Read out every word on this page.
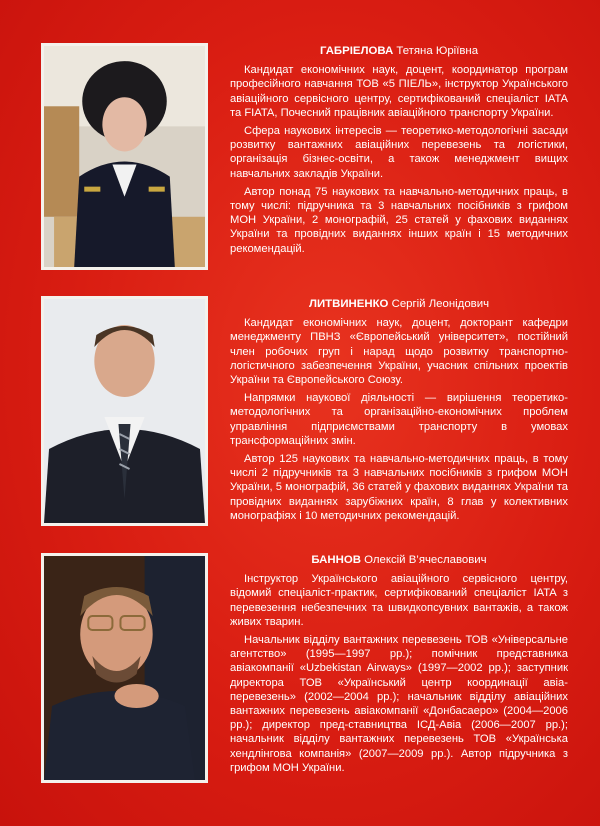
ГАБРІЕЛОВА Тетяна Юріївна

Кандидат економічних наук, доцент, координатор програм професійного навчання ТОВ «5 ПІЕЛЬ», інструктор Українського авіаційного сервісного центру, сертифікований спеціаліст IATA та FIATA, Почесний працівник авіаційного транспорту України.

Сфера наукових інтересів — теоретико-методологічні засади розвитку вантажних авіаційних перевезень та логістики, організація бізнес-освіти, а також менеджмент вищих навчальних закладів України.

Автор понад 75 наукових та навчально-методичних праць, в тому числі: підручника та 3 навчальних посібників з грифом МОН України, 2 монографій, 25 статей у фахових виданнях України та провідних виданнях інших країн і 15 методичних рекомендацій.

ЛИТВИНЕНКО Сергій Леонідович

Кандидат економічних наук, доцент, докторант кафедри менеджменту ПВНЗ «Європейський університет», постійний член робочих груп і нарад щодо розвитку транспортно-логістичного забезпечення України, учасник спільних проектів України та Європейського Союзу.

Напрямки наукової діяльності — вирішення теоретико-методологічних та організаційно-економічних проблем управління підприємствами транспорту в умовах трансформаційних змін.

Автор 125 наукових та навчально-методичних праць, в тому числі 2 підручників та 3 навчальних посібників з грифом МОН України, 5 монографій, 36 статей у фахових виданнях України та провідних виданнях зарубіжних країн, 8 глав у колективних монографіях і 10 методичних рекомендацій.

БАННОВ Олексій В’ячеславович

Інструктор Українського авіаційного сервісного центру, відомий спеціаліст-практик, сертифікований спеціаліст IATA з перевезення небезпечних та швидкопсувних вантажів, а також живих тварин.

Начальник відділу вантажних перевезень ТОВ «Універсальне агентство» (1995—1997 рр.); помічник представника авіакомпанії «Uzbekistan Airways» (1997—2002 рр.); заступник директора ТОВ «Український центр координації авіа-перевезень» (2002—2004 рр.); начальник відділу авіаційних вантажних перевезень авіакомпанії «Донбасаеро» (2004—2006 рр.); директор пред-ставництва ІСД-Авіа (2006—2007 рр.); начальник відділу вантажних перевезень ТОВ «Українська хендлінгова компанія» (2007—2009 рр.). Автор підручника з грифом МОН України.
